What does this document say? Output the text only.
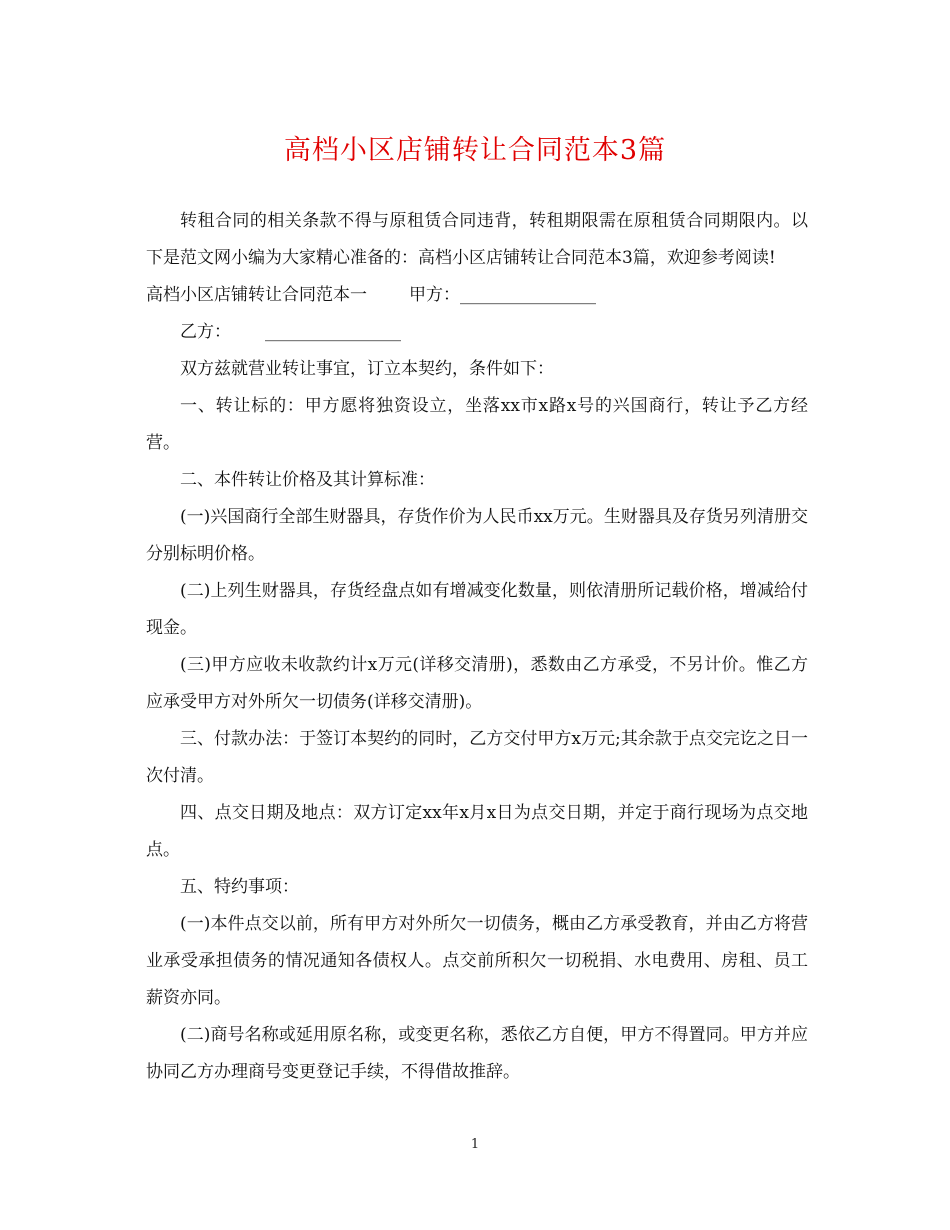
高档小区店铺转让合同范本3篇

转租合同的相关条款不得与原租赁合同违背，转租期限需在原租赁合同期限内。以下是范文网小编为大家精心准备的：高档小区店铺转让合同范本3篇，欢迎参考阅读!

高档小区店铺转让合同范本一 甲方：________________

乙方： ________________

双方兹就营业转让事宜，订立本契约，条件如下：

一、转让标的：甲方愿将独资设立，坐落xx市x路x号的兴国商行，转让予乙方经营。

二、本件转让价格及其计算标准：

(一)兴国商行全部生财器具，存货作价为人民币xx万元。生财器具及存货另列清册交分别标明价格。

(二)上列生财器具，存货经盘点如有增减变化数量，则依清册所记载价格，增减给付现金。

(三)甲方应收未收款约计x万元(详移交清册)，悉数由乙方承受，不另计价。惟乙方应承受甲方对外所欠一切债务(详移交清册)。

三、付款办法：于签订本契约的同时，乙方交付甲方x万元;其余款于点交完讫之日一次付清。

四、点交日期及地点：双方订定xx年x月x日为点交日期，并定于商行现场为点交地点。

五、特约事项：

(一)本件点交以前，所有甲方对外所欠一切债务，概由乙方承受教育，并由乙方将营业承受承担债务的情况通知各债权人。点交前所积欠一切税捐、水电费用、房租、员工薪资亦同。

(二)商号名称或延用原名称，或变更名称，悉依乙方自便，甲方不得置同。甲方并应协同乙方办理商号变更登记手续，不得借故推辞。

1
